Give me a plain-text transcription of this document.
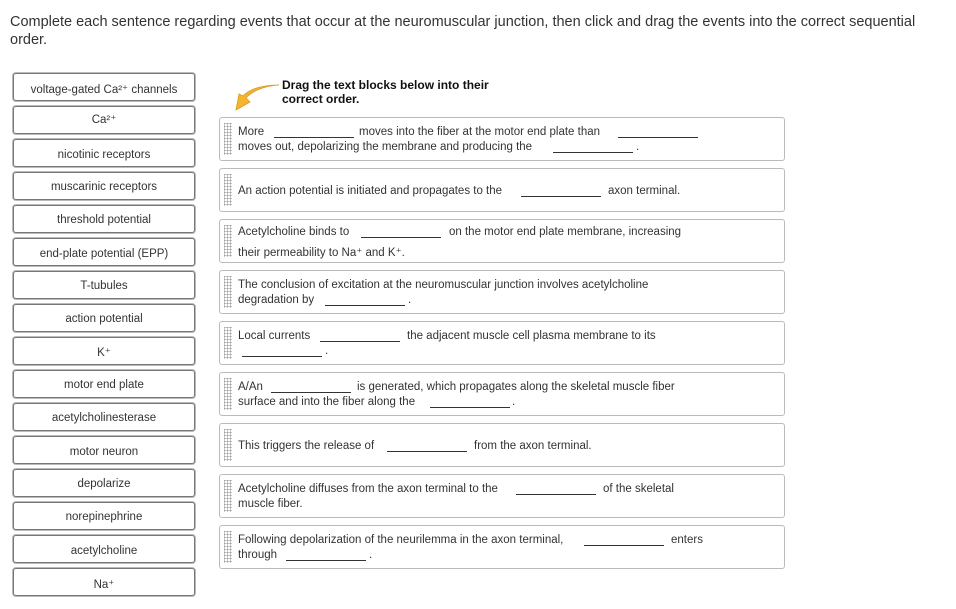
Complete each sentence regarding events that occur at the neuromuscular junction, then click and drag the events into the correct sequential order.
voltage-gated Ca²⁺ channels
Ca²⁺
nicotinic receptors
muscarinic receptors
threshold potential
end-plate potential (EPP)
T-tubules
action potential
K⁺
motor end plate
acetylcholinesterase
motor neuron
depolarize
norepinephrine
acetylcholine
Na⁺
Drag the text blocks below into their correct order.
More	moves into the fiber at the motor end plate than
moves out, depolarizing the membrane and producing the	.
An action potential is initiated and propagates to the	axon terminal.
Acetylcholine binds to	on the motor end plate membrane, increasing
their permeability to Na⁺ and K⁺.
The conclusion of excitation at the neuromuscular junction involves acetylcholine
degradation by	.
Local currents	the adjacent muscle cell plasma membrane to its
.
A/An	is generated, which propagates along the skeletal muscle fiber
surface and into the fiber along the	.
This triggers the release of	from the axon terminal.
Acetylcholine diffuses from the axon terminal to the	of the skeletal
muscle fiber.
Following depolarization of the neurilemma in the axon terminal,	enters
through	.
